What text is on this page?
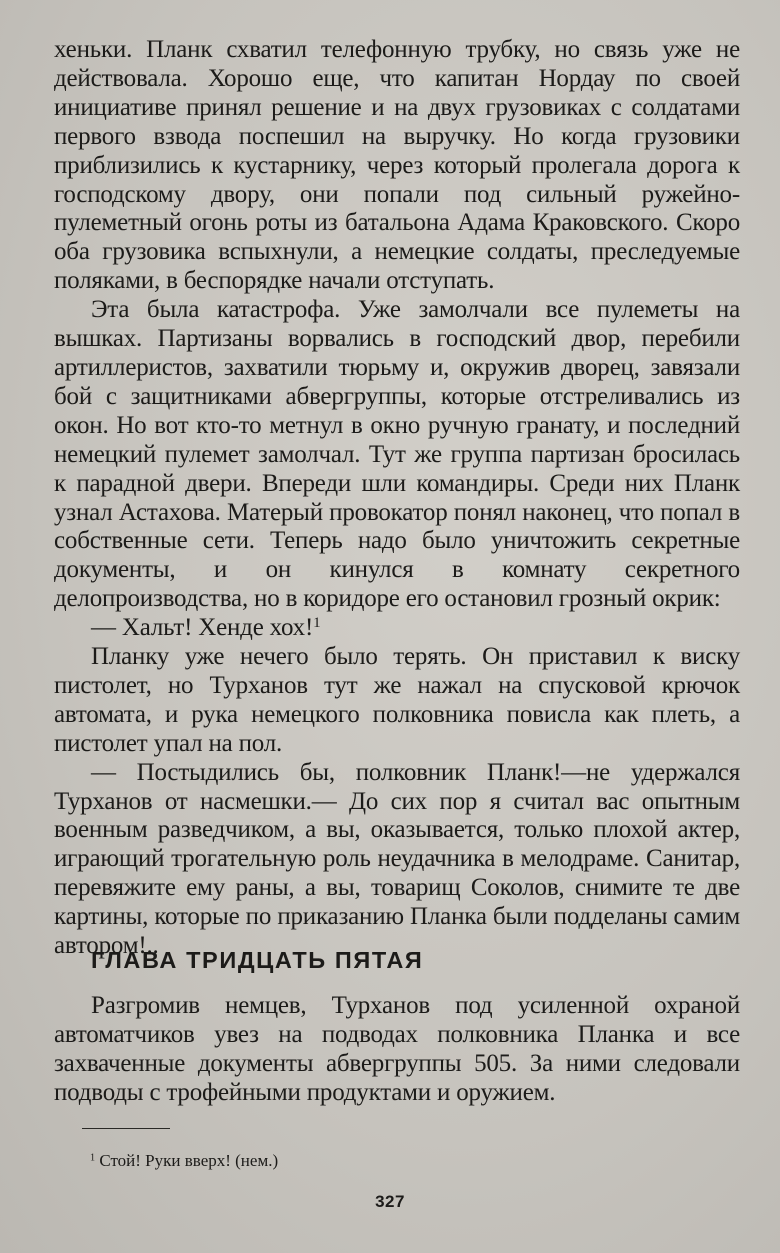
хеньки. Планк схватил телефонную трубку, но связь уже не действовала. Хорошо еще, что капитан Нордау по своей инициативе принял решение и на двух грузовиках с солдатами первого взвода поспешил на выручку. Но когда грузовики приблизились к кустарнику, через который пролегала дорога к господскому двору, они попали под сильный ружейно-пулеметный огонь роты из батальона Адама Краковского. Скоро оба грузовика вспыхнули, а немецкие солдаты, преследуемые поляками, в беспорядке начали отступать.

Эта была катастрофа. Уже замолчали все пулеметы на вышках. Партизаны ворвались в господский двор, перебили артиллеристов, захватили тюрьму и, окружив дворец, завязали бой с защитниками абвергруппы, которые отстреливались из окон. Но вот кто-то метнул в окно ручную гранату, и последний немецкий пулемет замолчал. Тут же группа партизан бросилась к парадной двери. Впереди шли командиры. Среди них Планк узнал Астахова. Матерый провокатор понял наконец, что попал в собственные сети. Теперь надо было уничтожить секретные документы, и он кинулся в комнату секретного делопроизводства, но в коридоре его остановил грозный окрик:

— Хальт! Хенде хох!$^1$

Планку уже нечего было терять. Он приставил к виску пистолет, но Турханов тут же нажал на спусковой крючок автомата, и рука немецкого полковника повисла как плеть, а пистолет упал на пол.

— Постыдились бы, полковник Планк!—не удержался Турханов от насмешки.— До сих пор я считал вас опытным военным разведчиком, а вы, оказывается, только плохой актер, играющий трогательную роль неудачника в мелодраме. Санитар, перевяжите ему раны, а вы, товарищ Соколов, снимите те две картины, которые по приказанию Планка были подделаны самим автором!..

ГЛАВА ТРИДЦАТЬ ПЯТАЯ

Разгромив немцев, Турханов под усиленной охраной автоматчиков увез на подводах полковника Планка и все захваченные документы абвергруппы 505. За ними следовали подводы с трофейными продуктами и оружием.

$^1$ Стой! Руки вверх! (нем.)
327
